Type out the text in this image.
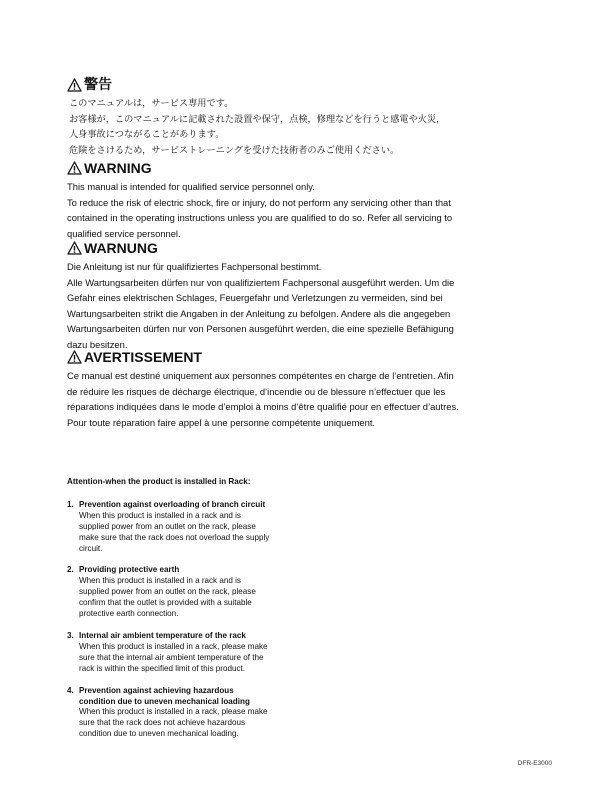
警告

このマニュアルは，サービス専用です。

お客様が，このマニュアルに記載された設置や保守，点検，修理などを行うと感電や火災，

人身事故につながることがあります。

危険をさけるため，サービストレーニングを受けた技術者のみご使用ください。

WARNING

This manual is intended for qualified service personnel only.

To reduce the risk of electric shock, fire or injury, do not perform any servicing other than that

contained in the operating instructions unless you are qualified to do so. Refer all servicing to

qualified service personnel.

WARNUNG

Die Anleitung ist nur für qualifiziertes Fachpersonal bestimmt.

Alle Wartungsarbeiten dürfen nur von qualifiziertem Fachpersonal ausgeführt werden. Um die

Gefahr eines elektrischen Schlages, Feuergefahr und Verletzungen zu vermeiden, sind bei

Wartungsarbeiten strikt die Angaben in der Anleitung zu befolgen. Andere als die angegeben

Wartungsarbeiten dürfen nur von Personen ausgeführt werden, die eine spezielle Befähigung

dazu besitzen.

AVERTISSEMENT

Ce manual est destiné uniquement aux personnes compétentes en charge de l’entretien. Afin

de réduire les risques de décharge électrique, d’incendie ou de blessure n’effectuer que les

réparations indiquées dans le mode d’emploi à moins d’être qualifié pour en effectuer d’autres.

Pour toute réparation faire appel à une personne compétente uniquement.

Attention-when the product is installed in Rack:
1. Prevention against overloading of branch circuit
When this product is installed in a rack and is
supplied power from an outlet on the rack, please
make sure that the rack does not overload the supply
circuit.
2. Providing protective earth
When this product is installed in a rack and is
supplied power from an outlet on the rack, please
confirm that the outlet is provided with a suitable
protective earth connection.
3. Internal air ambient temperature of the rack
When this product is installed in a rack, please make
sure that the internal air ambient temperature of the
rack is within the specified limit of this product.
4. Prevention against achieving hazardous
condition due to uneven mechanical loading
When this product is installed in a rack, please make
sure that the rack does not achieve hazardous
condition due to uneven mechanical loading.
DFR-E3000
